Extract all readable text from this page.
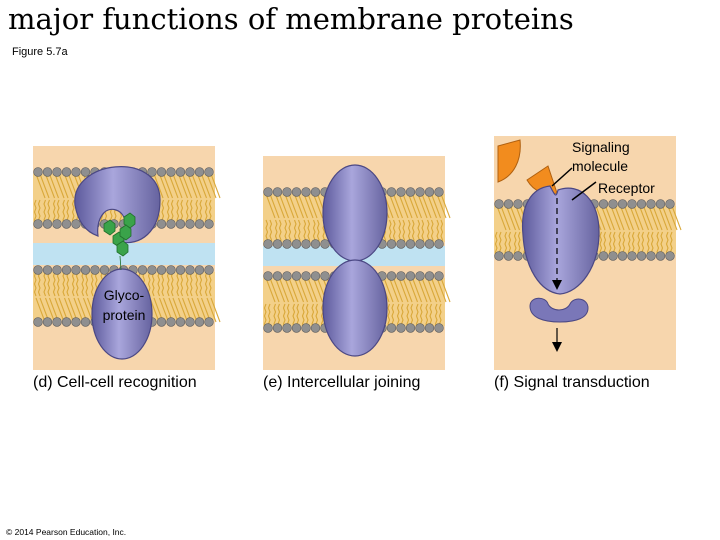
major functions of membrane proteins
Figure 5.7a
Glyco-
protein
Signaling
molecule
Receptor
(d) Cell-cell recognition	(e) Intercellular joining	(f) Signal transduction
© 2014 Pearson Education, Inc.
